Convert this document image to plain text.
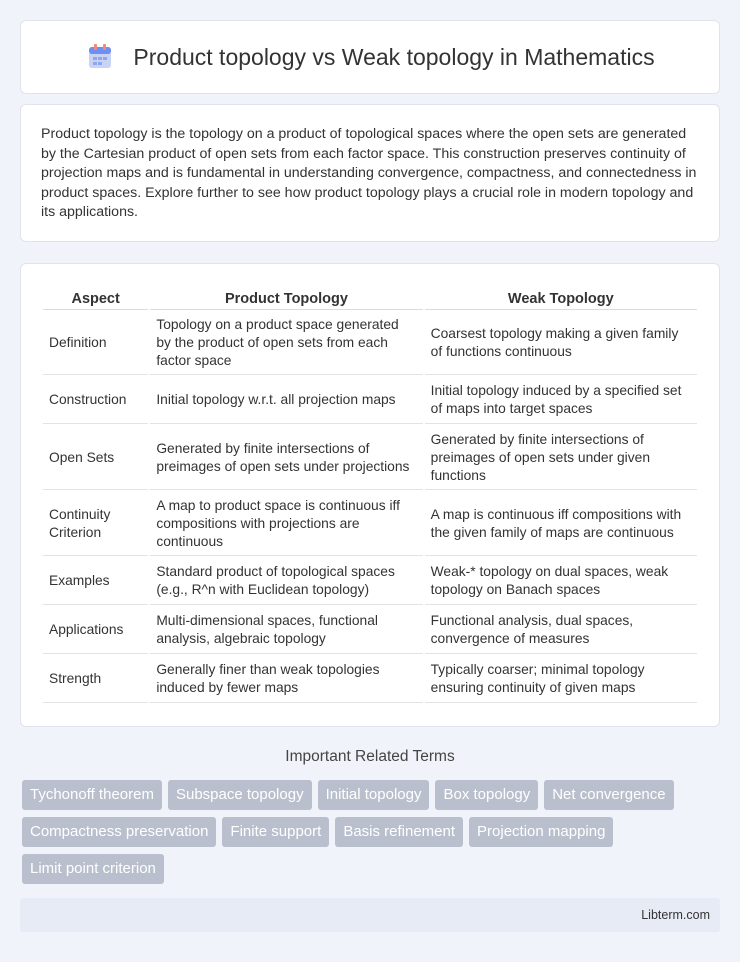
Product topology vs Weak topology in Mathematics

Product topology is the topology on a product of topological spaces where the open sets are generated by the Cartesian product of open sets from each factor space. This construction preserves continuity of projection maps and is fundamental in understanding convergence, compactness, and connectedness in product spaces. Explore further to see how product topology plays a crucial role in modern topology and its applications.

Aspect	Product Topology	Weak Topology
Definition	Topology on a product space generated by the product of open sets from each factor space	Coarsest topology making a given family of functions continuous
Construction	Initial topology w.r.t. all projection maps	Initial topology induced by a specified set of maps into target spaces
Open Sets	Generated by finite intersections of preimages of open sets under projections	Generated by finite intersections of preimages of open sets under given functions
Continuity Criterion	A map to product space is continuous iff compositions with projections are continuous	A map is continuous iff compositions with the given family of maps are continuous
Examples	Standard product of topological spaces (e.g., R^n with Euclidean topology)	Weak-* topology on dual spaces, weak topology on Banach spaces
Applications	Multi-dimensional spaces, functional analysis, algebraic topology	Functional analysis, dual spaces, convergence of measures
Strength	Generally finer than weak topologies induced by fewer maps	Typically coarser; minimal topology ensuring continuity of given maps
Important Related Terms
Tychonoff theorem	Subspace topology	Initial topology	Box topology	Net convergence
Compactness preservation	Finite support	Basis refinement	Projection mapping
Limit point criterion
Libterm.com
